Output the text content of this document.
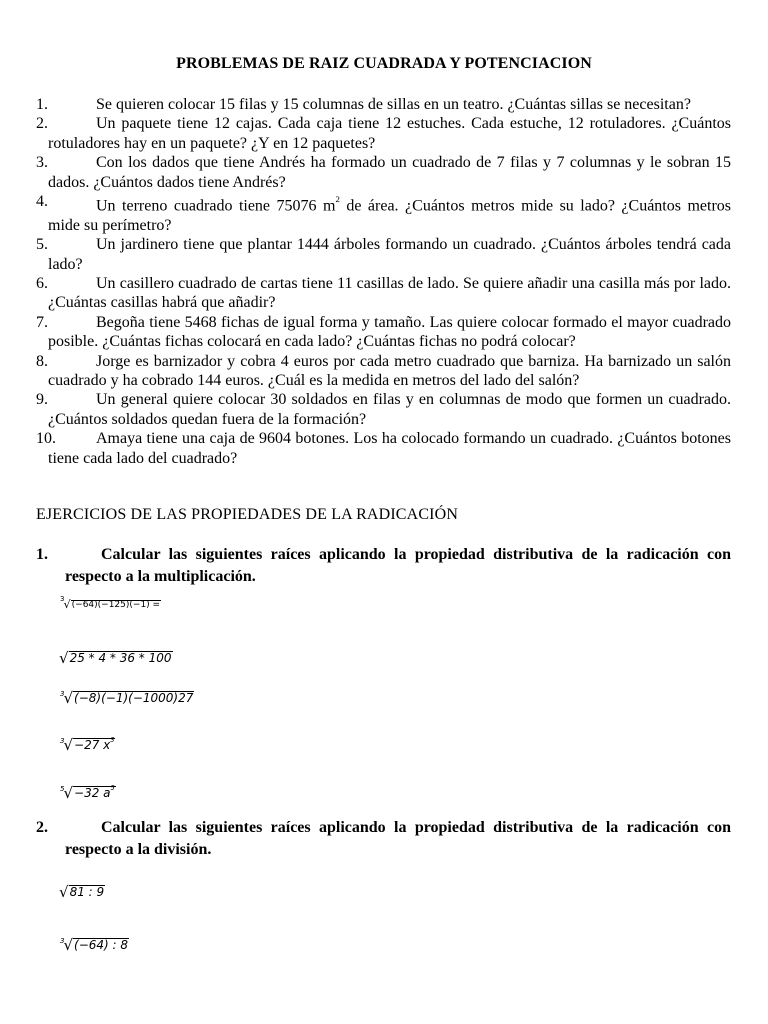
PROBLEMAS DE RAIZ CUADRADA Y POTENCIACION

1.	Se quieren colocar 15 filas y 15 columnas de sillas en un teatro. ¿Cuántas sillas se necesitan?

2.	Un paquete tiene 12 cajas. Cada caja tiene 12 estuches. Cada estuche, 12 rotuladores. ¿Cuántos rotuladores hay en un paquete? ¿Y en 12 paquetes?

3.	Con los dados que tiene Andrés ha formado un cuadrado de 7 filas y 7 columnas y le sobran 15 dados. ¿Cuántos dados tiene Andrés?

4.	Un terreno cuadrado tiene 75076 $m^2$ de área. ¿Cuántos metros mide su lado? ¿Cuántos metros mide su perímetro?

5.	Un jardinero tiene que plantar 1444 árboles formando un cuadrado. ¿Cuántos árboles tendrá cada lado?

6.	Un casillero cuadrado de cartas tiene 11 casillas de lado. Se quiere añadir una casilla más por lado. ¿Cuántas casillas habrá que añadir?

7.	Begoña tiene 5468 fichas de igual forma y tamaño. Las quiere colocar formado el mayor cuadrado posible. ¿Cuántas fichas colocará en cada lado? ¿Cuántas fichas no podrá colocar?

8.	Jorge es barnizador y cobra 4 euros por cada metro cuadrado que barniza. Ha barnizado un salón cuadrado y ha cobrado 144 euros. ¿Cuál es la medida en metros del lado del salón?

9.	Un general quiere colocar 30 soldados en filas y en columnas de modo que formen un cuadrado. ¿Cuántos soldados quedan fuera de la formación?

10.	Amaya tiene una caja de 9604 botones. Los ha colocado formando un cuadrado. ¿Cuántos botones tiene cada lado del cuadrado?

EJERCICIOS DE LAS PROPIEDADES DE LA RADICACIÓN
1.	Calcular las siguientes raíces aplicando la propiedad distributiva de la radicación con respecto a la multiplicación.
$^3$√(−64)(−125)(−1) =
√25 * 4 * 36 * 100
$^3$√(−8)(−1)(−1000)27
$^3$√−27 $x^3$
$^5$√−32 $a^5$
2.	Calcular las siguientes raíces aplicando la propiedad distributiva de la radicación con respecto a la división.
√81 : 9
$^3$√(−64) : 8
